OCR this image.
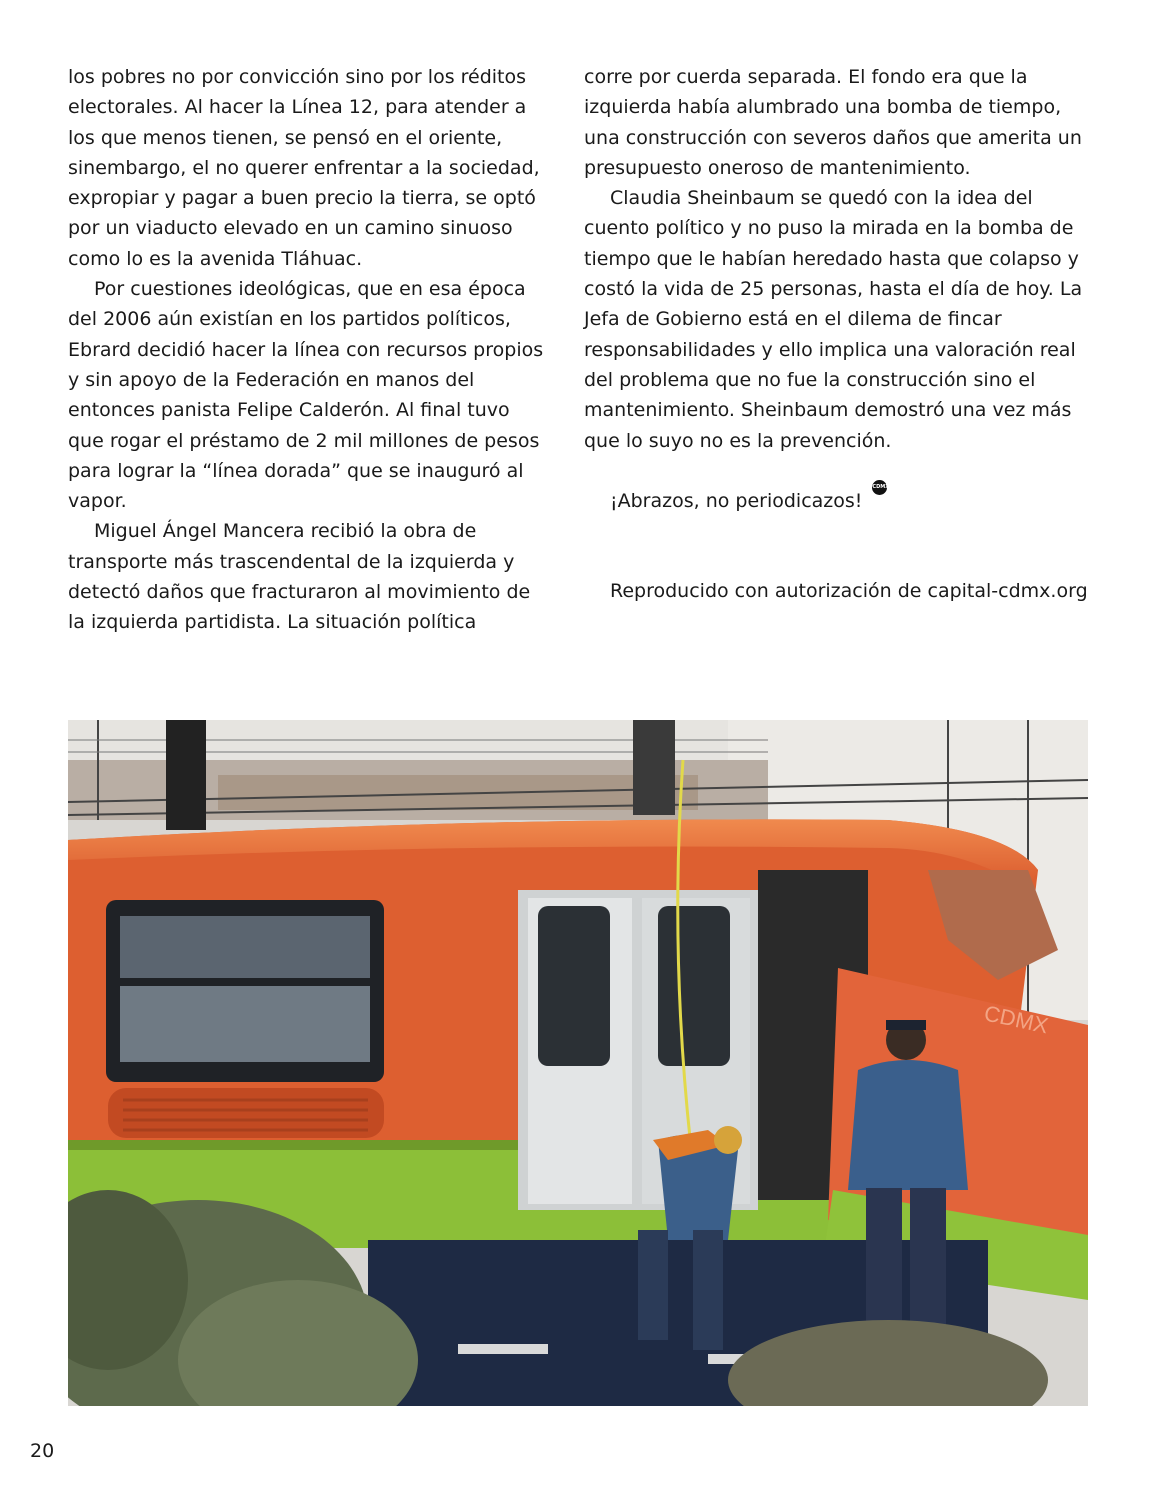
los pobres no por convicción sino por los réditos electorales. Al hacer la Línea 12, para atender a los que menos tienen, se pensó en el oriente, sinembargo, el no querer enfrentar a la sociedad, expropiar y pagar a buen precio la tierra, se optó por un viaducto elevado en un camino sinuoso como lo es la avenida Tláhuac.

Por cuestiones ideológicas, que en esa época del 2006 aún existían en los partidos políticos, Ebrard decidió hacer la línea con recursos propios y sin apoyo de la Federación en manos del entonces panista Felipe Calderón. Al final tuvo que rogar el préstamo de 2 mil millones de pesos para lograr la “línea dorada” que se inauguró al vapor.

Miguel Ángel Mancera recibió la obra de transporte más trascendental de la izquierda y detectó daños que fracturaron al movimiento de la izquierda partidista. La situación política

corre por cuerda separada. El fondo era que la izquierda había alumbrado una bomba de tiempo, una construcción con severos daños que amerita un presupuesto oneroso de mantenimiento.

Claudia Sheinbaum se quedó con la idea del cuento político y no puso la mirada en la bomba de tiempo que le habían heredado hasta que colapso y costó la vida de 25 personas, hasta el día de hoy. La Jefa de Gobierno está en el dilema de fincar responsabilidades y ello implica una valoración real del problema que no fue la construcción sino el mantenimiento. Sheinbaum demostró una vez más que lo suyo no es la prevención.

¡Abrazos, no periodicazos!CDMX

Reproducido con autorización de capital-cdmx.org

CDMX
20
